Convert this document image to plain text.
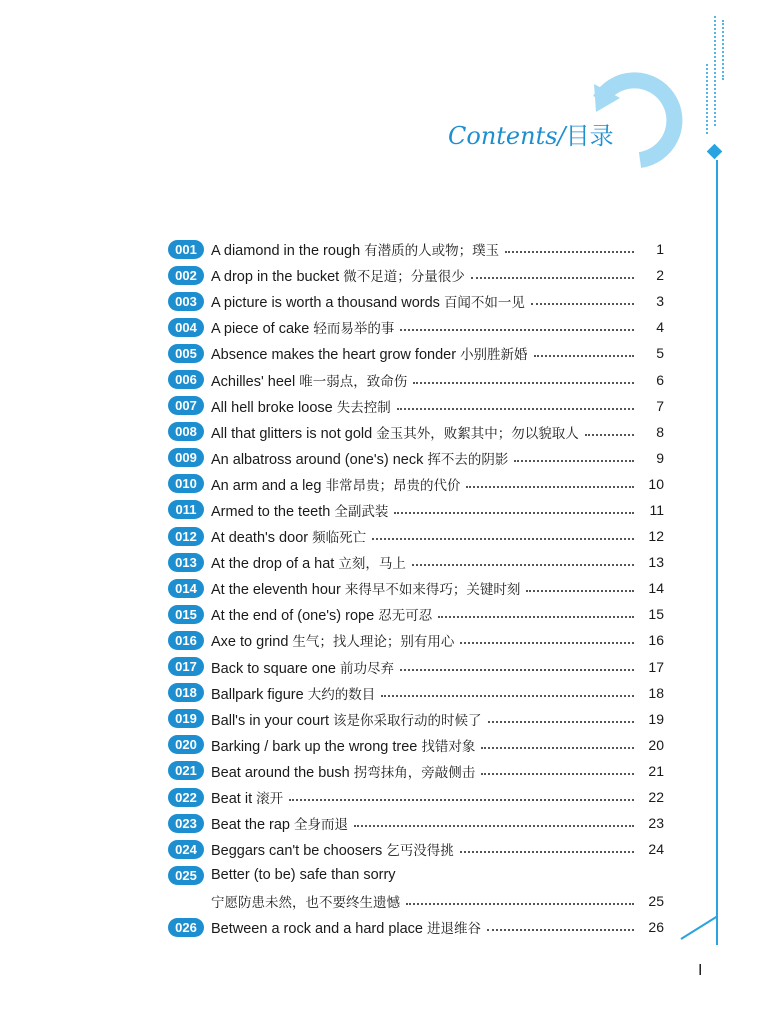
Contents/目录
001 A diamond in the rough 有潜质的人或物；璞玉	1
002 A drop in the bucket 微不足道；分量很少	2
003 A picture is worth a thousand words 百闻不如一见	3
004 A piece of cake 轻而易举的事	4
005 Absence makes the heart grow fonder 小别胜新婚	5
006 Achilles' heel 唯一弱点，致命伤	6
007 All hell broke loose 失去控制	7
008 All that glitters is not gold 金玉其外，败絮其中；勿以貌取人	8
009 An albatross around (one's) neck 挥不去的阴影	9
010 An arm and a leg 非常昂贵；昂贵的代价	10
011	Armed to the teeth 全副武装	11
012 At death's door 频临死亡	12
013 At the drop of a hat 立刻，马上	13
014 At the eleventh hour 来得早不如来得巧；关键时刻	14
015 At the end of (one's) rope 忍无可忍	15
016 Axe to grind 生气；找人理论；别有用心	16
017 Back to square one 前功尽弃	17
018 Ballpark figure 大约的数目	18
019 Ball's in your court 该是你采取行动的时候了	19
020 Barking / bark up the wrong tree 找错对象	20
021 Beat around the bush 拐弯抹角，旁敲侧击	21
022 Beat it 滚开	22
023 Beat the rap 全身而退	23
024 Beggars can't be choosers 乞丐没得挑	24
025 Better (to be) safe than sorry
宁愿防患未然，也不要终生遗憾	25
026 Between a rock and a hard place 进退维谷	26
I
